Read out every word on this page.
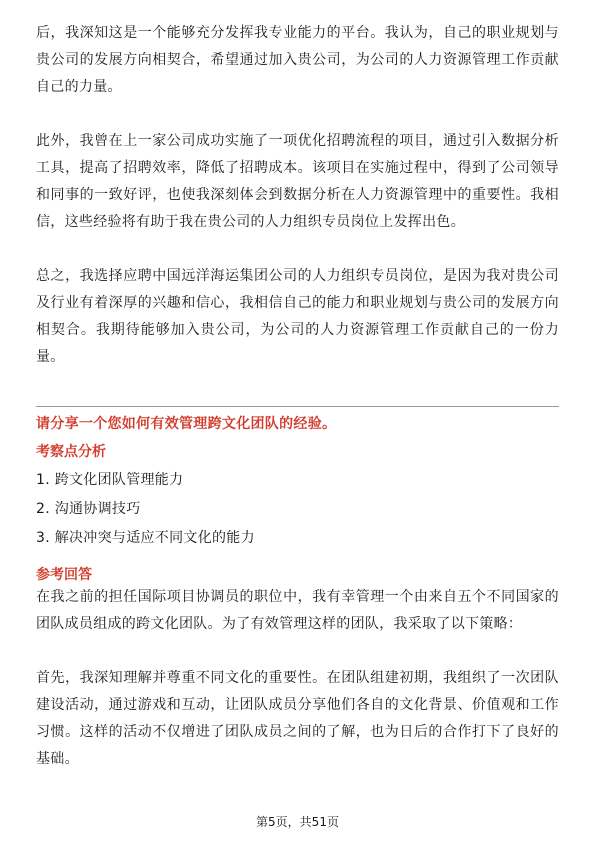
后，我深知这是一个能够充分发挥我专业能力的平台。我认为，自己的职业规划与贵公司的发展方向相契合，希望通过加入贵公司，为公司的人力资源管理工作贡献自己的力量。

此外，我曾在上一家公司成功实施了一项优化招聘流程的项目，通过引入数据分析工具，提高了招聘效率，降低了招聘成本。该项目在实施过程中，得到了公司领导和同事的一致好评，也使我深刻体会到数据分析在人力资源管理中的重要性。我相信，这些经验将有助于我在贵公司的人力组织专员岗位上发挥出色。

总之，我选择应聘中国远洋海运集团公司的人力组织专员岗位，是因为我对贵公司及行业有着深厚的兴趣和信心，我相信自己的能力和职业规划与贵公司的发展方向相契合。我期待能够加入贵公司，为公司的人力资源管理工作贡献自己的一份力量。

请分享一个您如何有效管理跨文化团队的经验。

考察点分析

1. 跨文化团队管理能力

2. 沟通协调技巧

3. 解决冲突与适应不同文化的能力

参考回答

在我之前的担任国际项目协调员的职位中，我有幸管理一个由来自五个不同国家的团队成员组成的跨文化团队。为了有效管理这样的团队，我采取了以下策略：

首先，我深知理解并尊重不同文化的重要性。在团队组建初期，我组织了一次团队建设活动，通过游戏和互动，让团队成员分享他们各自的文化背景、价值观和工作习惯。这样的活动不仅增进了团队成员之间的了解，也为日后的合作打下了良好的基础。

第5页，共51页
